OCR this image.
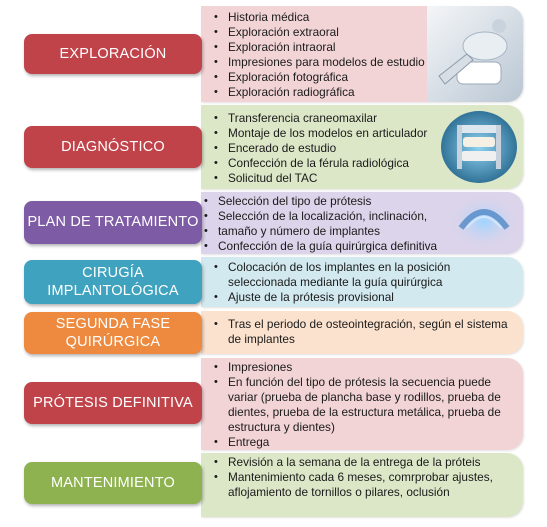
• Historia médica
• Exploración extraoral
• Exploración intraoral
• Impresiones para modelos de estudio
• Exploración fotográfica
• Exploración radiográfica
EXPLORACIÓN
• Transferencia craneomaxilar
• Montaje de los modelos en articulador
• Encerado de estudio
• Confección de la férula radiológica
• Solicitud del TAC
DIAGNÓSTICO
• Selección del tipo de prótesis
• Selección de la localización, inclinación,
• tamaño y número de implantes
• Confección de la guía quirúrgica definitiva
PLAN DE TRATAMIENTO
• Colocación de los implantes en la posición seleccionada mediante la guía quirúrgica
• Ajuste de la prótesis provisional
CIRUGÍA
IMPLANTOLÓGICA
• Tras el periodo de osteointegración, según el sistema de implantes
SEGUNDA FASE
QUIRÚRGICA
• Impresiones
• En función del tipo de prótesis la secuencia puede variar (prueba de plancha base y rodillos, prueba de dientes, prueba de la estructura metálica, prueba de estructura y dientes)
• Entrega
PRÓTESIS DEFINITIVA
• Revisión a la semana de la entrega de la próteis
• Mantenimiento cada 6 meses, comrprobar ajustes, aflojamiento de tornillos o pilares, oclusión
MANTENIMIENTO
